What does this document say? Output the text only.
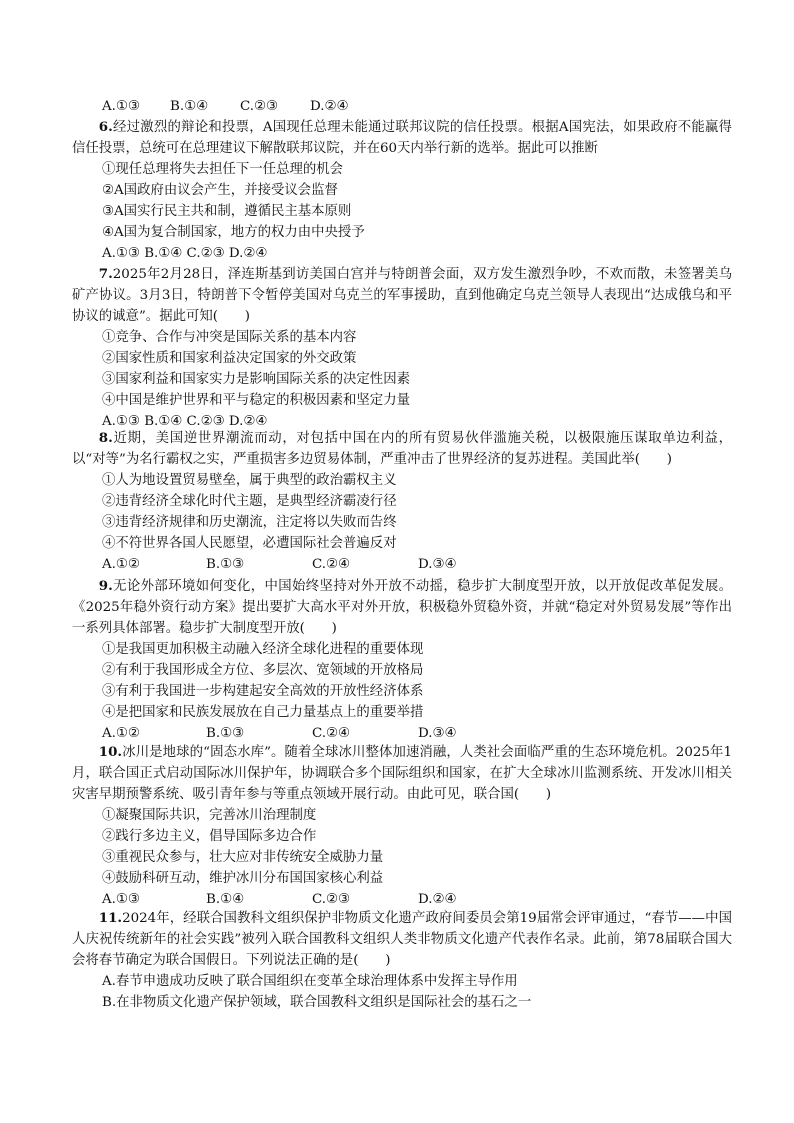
A.①③ B.①④ C.②③ D.②④

6.经过激烈的辩论和投票，A国现任总理未能通过联邦议院的信任投票。根据A国宪法，如果政府不能赢得信任投票，总统可在总理建议下解散联邦议院，并在60天内举行新的选举。据此可以推断

①现任总理将失去担任下一任总理的机会

②A国政府由议会产生，并接受议会监督

③A国实行民主共和制，遵循民主基本原则

④A国为复合制国家，地方的权力由中央授予

A.①③ B.①④ C.②③ D.②④

7.2025年2月28日，泽连斯基到访美国白宫并与特朗普会面，双方发生激烈争吵，不欢而散，未签署美乌矿产协议。3月3日，特朗普下令暂停美国对乌克兰的军事援助，直到他确定乌克兰领导人表现出“达成俄乌和平协议的诚意”。据此可知(　　)

①竞争、合作与冲突是国际关系的基本内容

②国家性质和国家利益决定国家的外交政策

③国家利益和国家实力是影响国际关系的决定性因素

④中国是维护世界和平与稳定的积极因素和坚定力量

A.①③ B.①④ C.②③ D.②④

8.近期，美国逆世界潮流而动，对包括中国在内的所有贸易伙伴滥施关税，以极限施压谋取单边利益，以“对等”为名行霸权之实，严重损害多边贸易体制，严重冲击了世界经济的复苏进程。美国此举(　　)

①人为地设置贸易壁垒，属于典型的政治霸权主义

②违背经济全球化时代主题，是典型经济霸凌行径

③违背经济规律和历史潮流，注定将以失败而告终

④不符世界各国人民愿望，必遭国际社会普遍反对

A.①②	B.①③	C.②④	D.③④

9.无论外部环境如何变化，中国始终坚持对外开放不动摇，稳步扩大制度型开放，以开放促改革促发展。《2025年稳外资行动方案》提出要扩大高水平对外开放，积极稳外贸稳外资，并就“稳定对外贸易发展”等作出一系列具体部署。稳步扩大制度型开放(　　)

①是我国更加积极主动融入经济全球化进程的重要体现

②有利于我国形成全方位、多层次、宽领域的开放格局

③有利于我国进一步构建起安全高效的开放性经济体系

④是把国家和民族发展放在自己力量基点上的重要举措

A.①②	B.①③	C.②④	D.③④

10.冰川是地球的“固态水库”。随着全球冰川整体加速消融，人类社会面临严重的生态环境危机。2025年1月，联合国正式启动国际冰川保护年，协调联合多个国际组织和国家，在扩大全球冰川监测系统、开发冰川相关灾害早期预警系统、吸引青年参与等重点领域开展行动。由此可见，联合国(　　)

①凝聚国际共识，完善冰川治理制度

②践行多边主义，倡导国际多边合作

③重视民众参与，壮大应对非传统安全威胁力量

④鼓励科研互动，维护冰川分布国国家核心利益

A.①③	B.①④	C.②③	D.②④

11.2024年，经联合国教科文组织保护非物质文化遗产政府间委员会第19届常会评审通过，“春节——中国人庆祝传统新年的社会实践”被列入联合国教科文组织人类非物质文化遗产代表作名录。此前，第78届联合国大会将春节确定为联合国假日。下列说法正确的是(　　)

A.春节申遗成功反映了联合国组织在变革全球治理体系中发挥主导作用

B.在非物质文化遗产保护领域，联合国教科文组织是国际社会的基石之一
